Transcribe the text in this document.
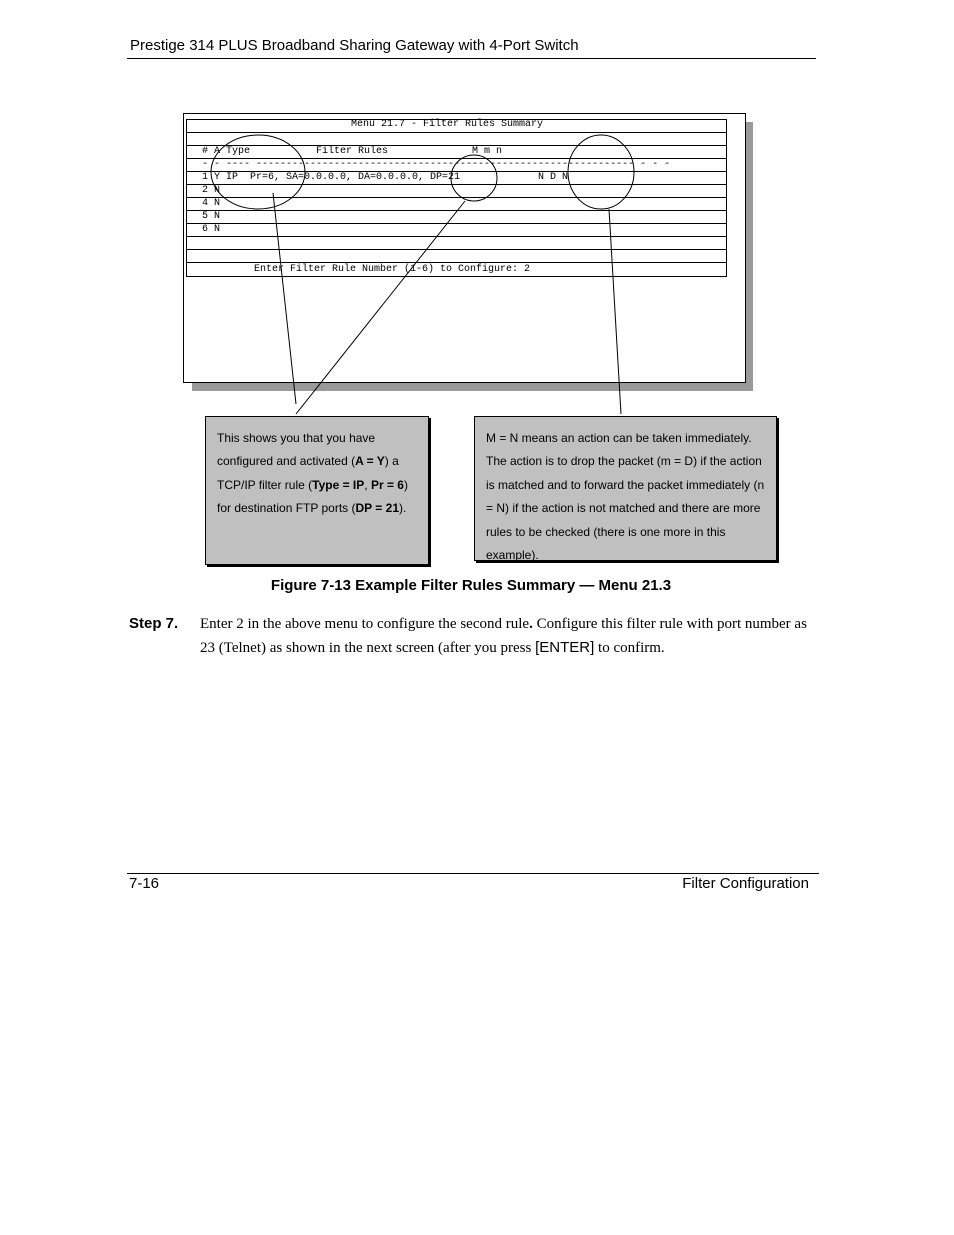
Prestige 314 PLUS Broadband Sharing Gateway with 4-Port Switch
Menu 21.7 - Filter Rules Summary
# A Type           Filter Rules              M m n
- - ---- --------------------------------------------------------------- - - -
1 Y IP  Pr=6, SA=0.0.0.0, DA=0.0.0.0, DP=21             N D N
2 N
4 N
5 N
6 N
Enter Filter Rule Number (1-6) to Configure: 2
This shows you that you have configured and activated (A = Y) a TCP/IP filter rule (Type = IP, Pr = 6) for destination FTP ports (DP = 21).
M = N means an action can be taken immediately. The action is to drop the packet (m = D) if the action is matched and to forward the packet immediately (n = N) if the action is not matched and there are more rules to be checked (there is one more in this example).
Figure 7-13 Example Filter Rules Summary — Menu 21.3
Step 7. Enter 2 in the above menu to configure the second rule. Configure this filter rule with port number as 23 (Telnet) as shown in the next screen (after you press [ENTER] to confirm.
7-16	Filter Configuration
